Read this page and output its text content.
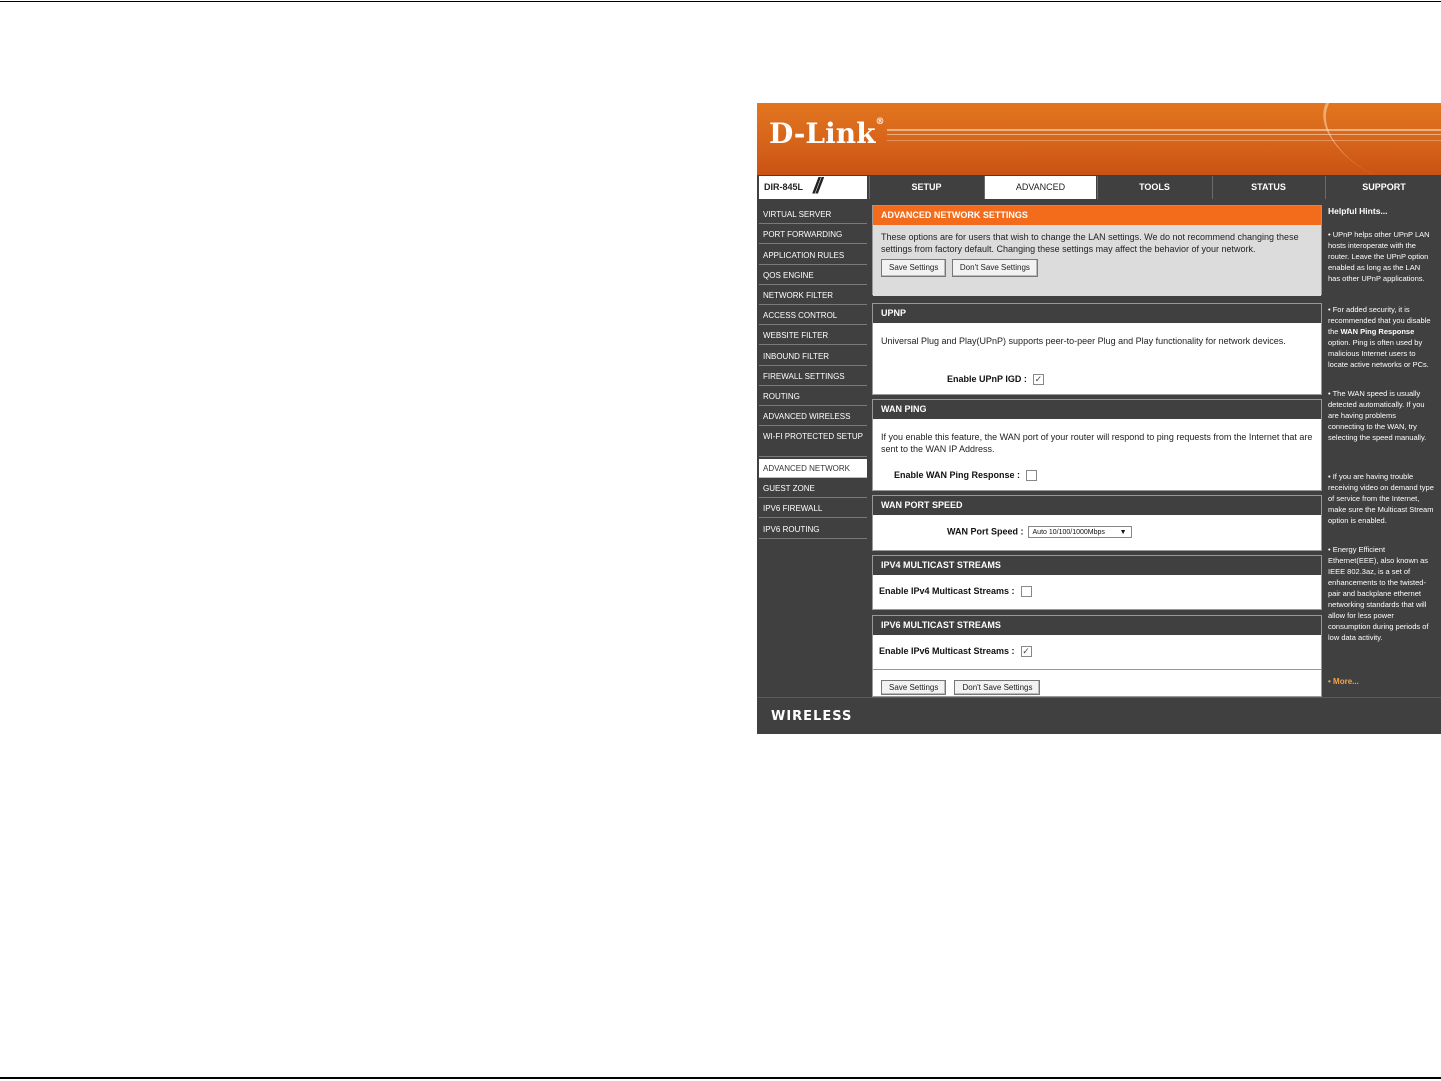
D-Link®
DIR-845L //	SETUP	ADVANCED	TOOLS	STATUS	SUPPORT
VIRTUAL SERVER
PORT FORWARDING
APPLICATION RULES
QOS ENGINE
NETWORK FILTER
ACCESS CONTROL
WEBSITE FILTER
INBOUND FILTER
FIREWALL SETTINGS
ROUTING
ADVANCED WIRELESS
WI-FI PROTECTED SETUP
ADVANCED NETWORK
GUEST ZONE
IPV6 FIREWALL
IPV6 ROUTING
ADVANCED NETWORK SETTINGS
These options are for users that wish to change the LAN settings. We do not recommend changing these settings from factory default. Changing these settings may affect the behavior of your network.
Save Settings	Don't Save Settings
UPNP
Universal Plug and Play(UPnP) supports peer-to-peer Plug and Play functionality for network devices.
Enable UPnP IGD : ✓
WAN PING
If you enable this feature, the WAN port of your router will respond to ping requests from the Internet that are sent to the WAN IP Address.
Enable WAN Ping Response :
WAN PORT SPEED
WAN Port Speed : Auto 10/100/1000Mbps ▼
IPV4 MULTICAST STREAMS
Enable IPv4 Multicast Streams :
IPV6 MULTICAST STREAMS
Enable IPv6 Multicast Streams : ✓
Save Settings	Don't Save Settings
Helpful Hints...
• UPnP helps other UPnP LAN hosts interoperate with the router. Leave the UPnP option enabled as long as the LAN has other UPnP applications.
• For added security, it is recommended that you disable the WAN Ping Response option. Ping is often used by malicious Internet users to locate active networks or PCs.
• The WAN speed is usually detected automatically. If you are having problems connecting to the WAN, try selecting the speed manually.
• If you are having trouble receiving video on demand type of service from the Internet, make sure the Multicast Stream option is enabled.
• Energy Efficient Ethernet(EEE), also known as IEEE 802.3az, is a set of enhancements to the twisted-pair and backplane ethernet networking standards that will allow for less power consumption during periods of low data activity.
• More...
WIRELESS
